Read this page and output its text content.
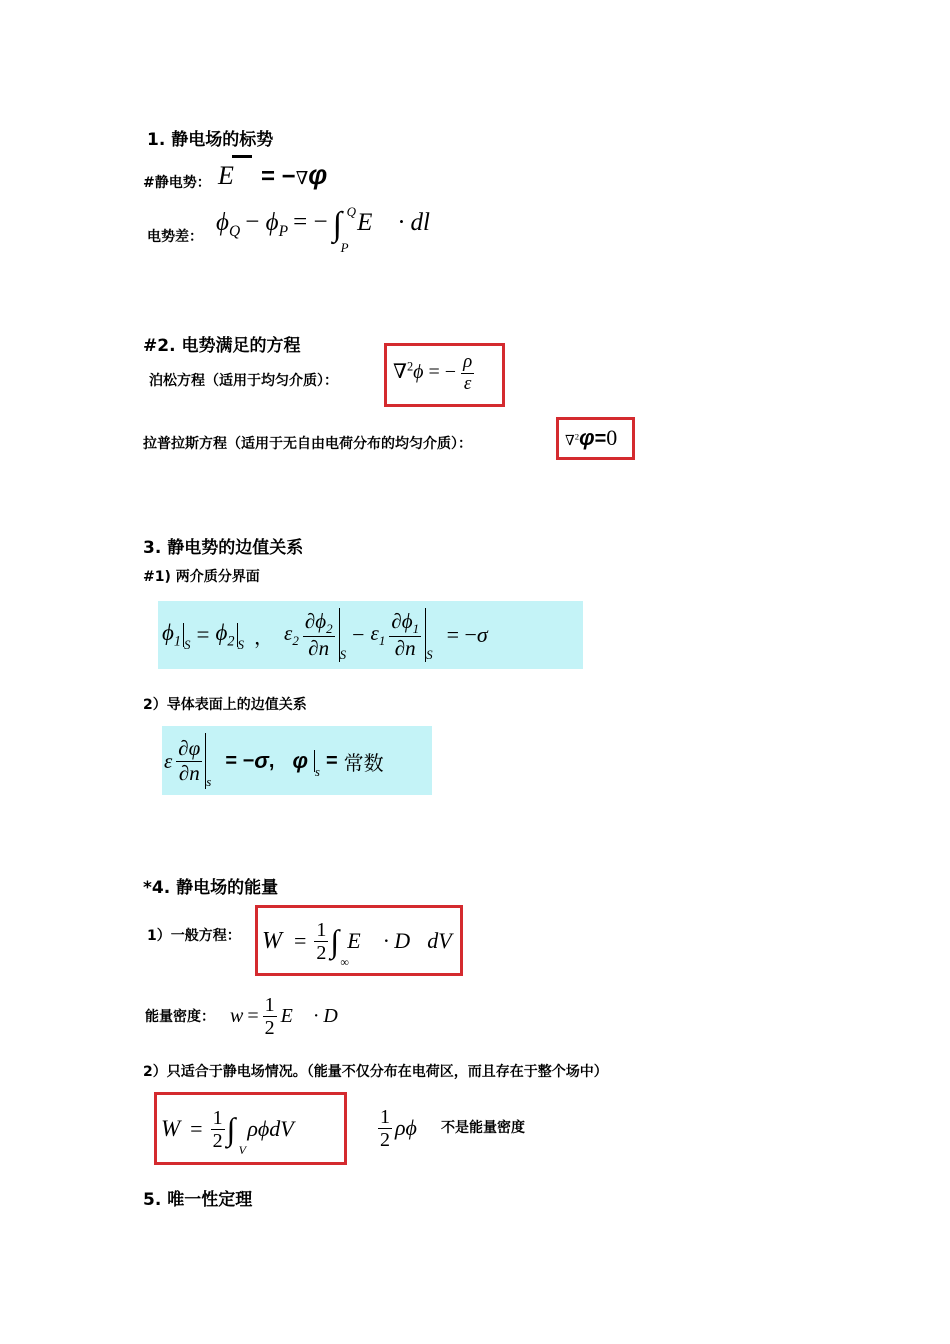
1. 静电场的标势
#静电势： E = −∇φ
电势差：
$\phi_Q - \phi_P$ = − ∫ Q
P
E⃗ · dl⃗
#2. 电势满足的方程
泊松方程（适用于均匀介质）：	∇$^2$ϕ = − $\frac{\rho}{\varepsilon}$
拉普拉斯方程（适用于无自由电荷分布的均匀介质）：	∇$^2$φ=0
3. 静电势的边值关系
#1) 两介质分界面
$\phi_1$ $S = \phi_2$ S ， $\varepsilon_2 \frac{\partial\phi_2}{\partial n}$ S
− $\varepsilon_1 \frac{\partial\phi_1}{\partial n}$ S
= − σ
2）导体表面上的边值关系
ε $\frac{\partial\varphi}{\partial n}$ s
= − σ , φ s = 常数
*4. 静电场的能量
1）一般方程： $W = \frac{1}{2}$ ∫
∞
E⃗ · D⃗dV
能量密度： $w = \frac{1}{2}$ E⃗ · D⃗
2）只适合于静电场情况。（能量不仅分布在电荷区，而且存在于整个场中）
$W = \frac{1}{2}$ ∫
V
ρϕdV	$\frac{1}{2}$ ρϕ 不是能量密度
5. 唯一性定理
